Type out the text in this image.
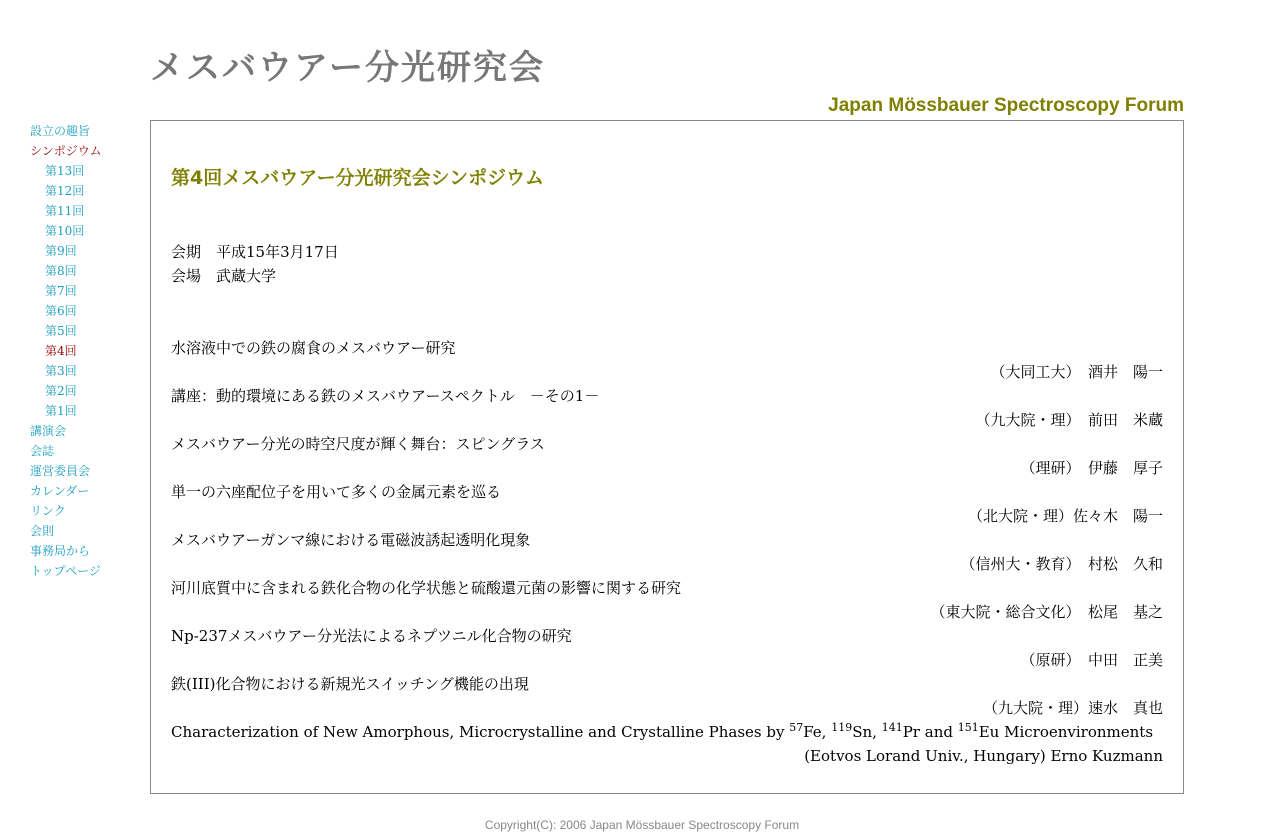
メスバウアー分光研究会
Japan Mössbauer Spectroscopy Forum
設立の趣旨
シンポジウム
第13回
第12回
第11回
第10回
第9回
第8回
第7回
第6回
第5回
第4回
第3回
第2回
第1回
講演会
会誌
運営委員会
カレンダー
リンク
会則
事務局から
トップページ
第4回メスバウアー分光研究会シンポジウム
会期　平成15年3月17日
会場　武蔵大学
水溶液中での鉄の腐食のメスバウアー研究
（大同工大）　酒井　陽一
講座：動的環境にある鉄のメスバウアースペクトル　－その1－
（九大院・理）　前田　米蔵
メスバウアー分光の時空尺度が輝く舞台：スピングラス
（理研）　伊藤　厚子
単一の六座配位子を用いて多くの金属元素を巡る
（北大院・理）佐々木　陽一
メスバウアーガンマ線における電磁波誘起透明化現象
（信州大・教育）　村松　久和
河川底質中に含まれる鉄化合物の化学状態と硫酸還元菌の影響に関する研究
（東大院・総合文化）　松尾　基之
Np-237メスバウアー分光法によるネプツニル化合物の研究
（原研）　中田　正美
鉄(III)化合物における新規光スイッチング機能の出現
（九大院・理）速水　真也
Characterization of New Amorphous, Microcrystalline and Crystalline Phases by $^{57}$Fe, $^{119}$Sn, $^{141}$Pr and $^{151}$Eu Microenvironments
(Eotvos Lorand Univ., Hungary) Erno Kuzmann
Copyright(C): 2006 Japan Mössbauer Spectroscopy Forum
